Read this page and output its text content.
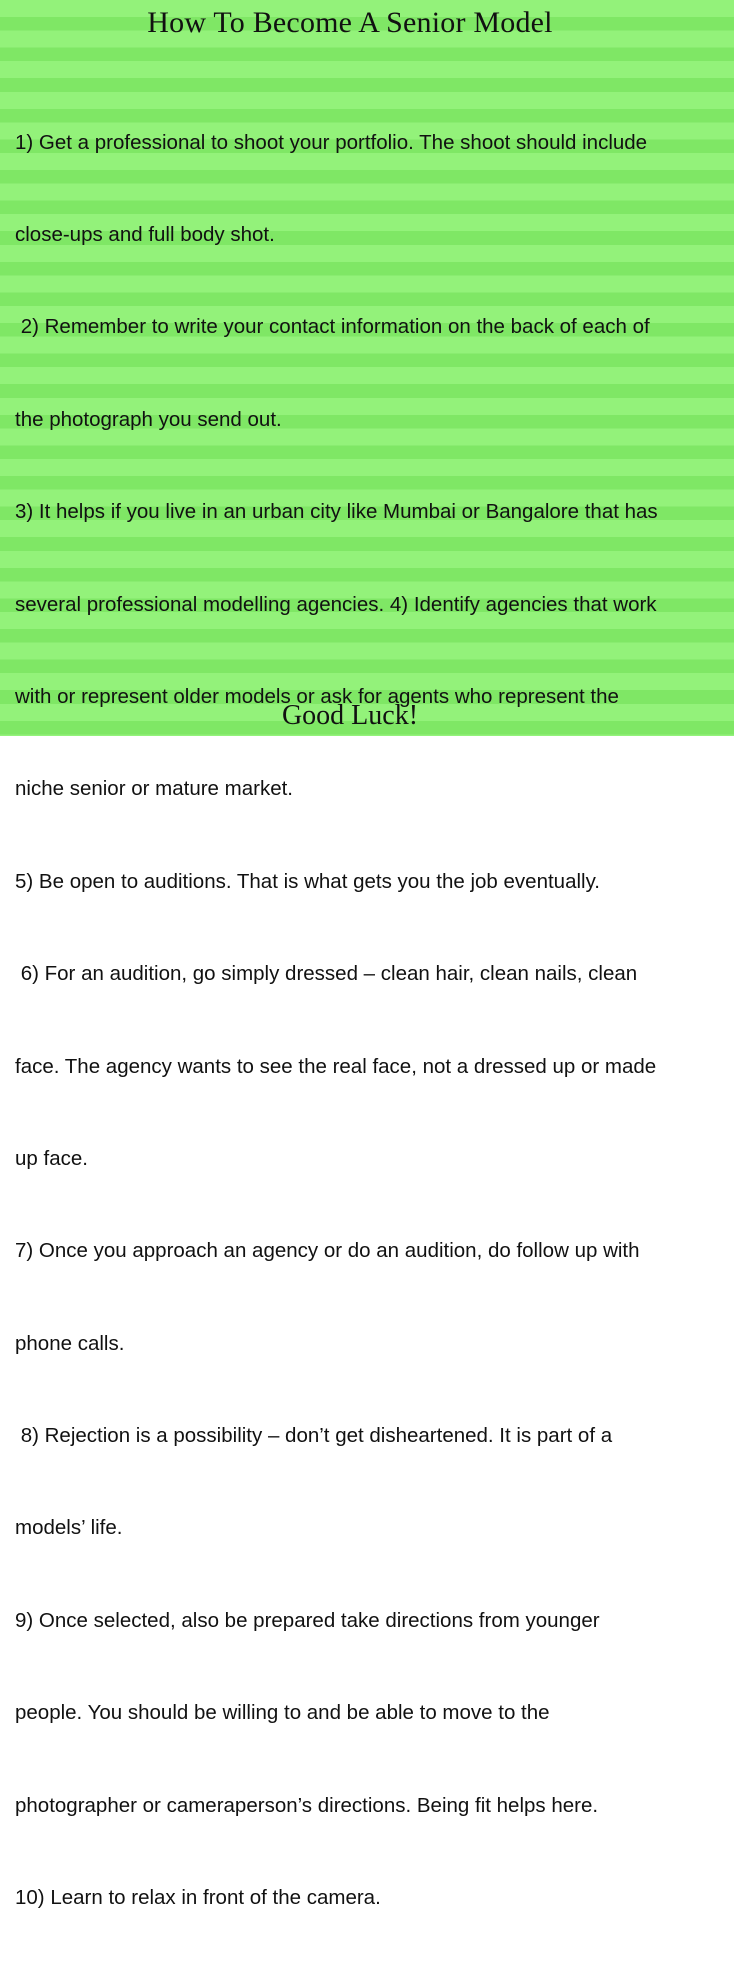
How To Become A Senior Model

1) Get a professional to shoot your portfolio. The shoot should include

close-ups and full body shot.

2) Remember to write your contact information on the back of each of

the photograph you send out.

3) It helps if you live in an urban city like Mumbai or Bangalore that has

several professional modelling agencies. 4) Identify agencies that work

with or represent older models or ask for agents who represent the

niche senior or mature market.

5) Be open to auditions. That is what gets you the job eventually.

6) For an audition, go simply dressed – clean hair, clean nails, clean

face. The agency wants to see the real face, not a dressed up or made

up face.

7) Once you approach an agency or do an audition, do follow up with

phone calls.

8) Rejection is a possibility – don’t get disheartened. It is part of a

models’ life.

9) Once selected, also be prepared take directions from younger

people. You should be willing to and be able to move to the

photographer or cameraperson’s directions. Being fit helps here.

10) Learn to relax in front of the camera.

Good Luck!
